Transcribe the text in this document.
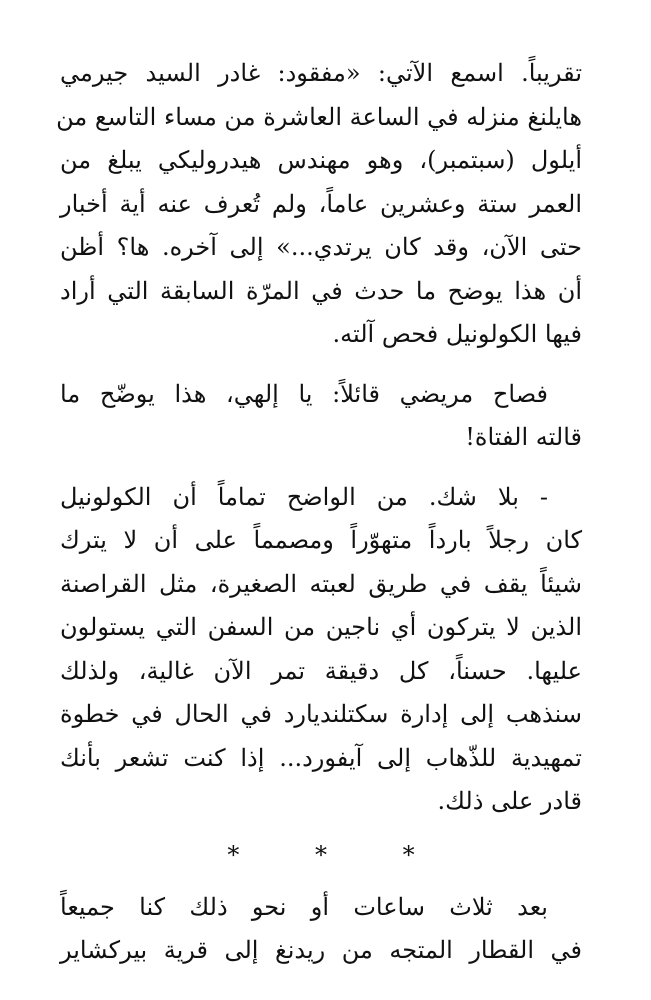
تقريباً. اسمع الآتي: «مفقود: غادر السيد جيرمي
هايلنغ منزله في الساعة العاشرة من مساء التاسع من
أيلول (سبتمبر)، وهو مهندس هيدروليكي يبلغ من
العمر ستة وعشرين عاماً، ولم تُعرف عنه أية أخبار
حتى الآن، وقد كان يرتدي...» إلى آخره. ها؟ أظن
أن هذا يوضح ما حدث في المرّة السابقة التي أراد
فيها الكولونيل فحص آلته.
فصاح مريضي قائلاً: يا إلهي، هذا يوضّح ما
قالته الفتاة!
- بلا شك. من الواضح تماماً أن الكولونيل
كان رجلاً بارداً متهوّراً ومصمماً على أن لا يترك
شيئاً يقف في طريق لعبته الصغيرة، مثل القراصنة
الذين لا يتركون أي ناجين من السفن التي يستولون
عليها. حسناً، كل دقيقة تمر الآن غالية، ولذلك
سنذهب إلى إدارة سكتلنديارد في الحال في خطوة
تمهيدية للذّهاب إلى آيفورد... إذا كنت تشعر بأنك
قادر على ذلك.
* * *
بعد ثلاث ساعات أو نحو ذلك كنا جميعاً
في القطار المتجه من ريدنغ إلى قرية بيركشاير
